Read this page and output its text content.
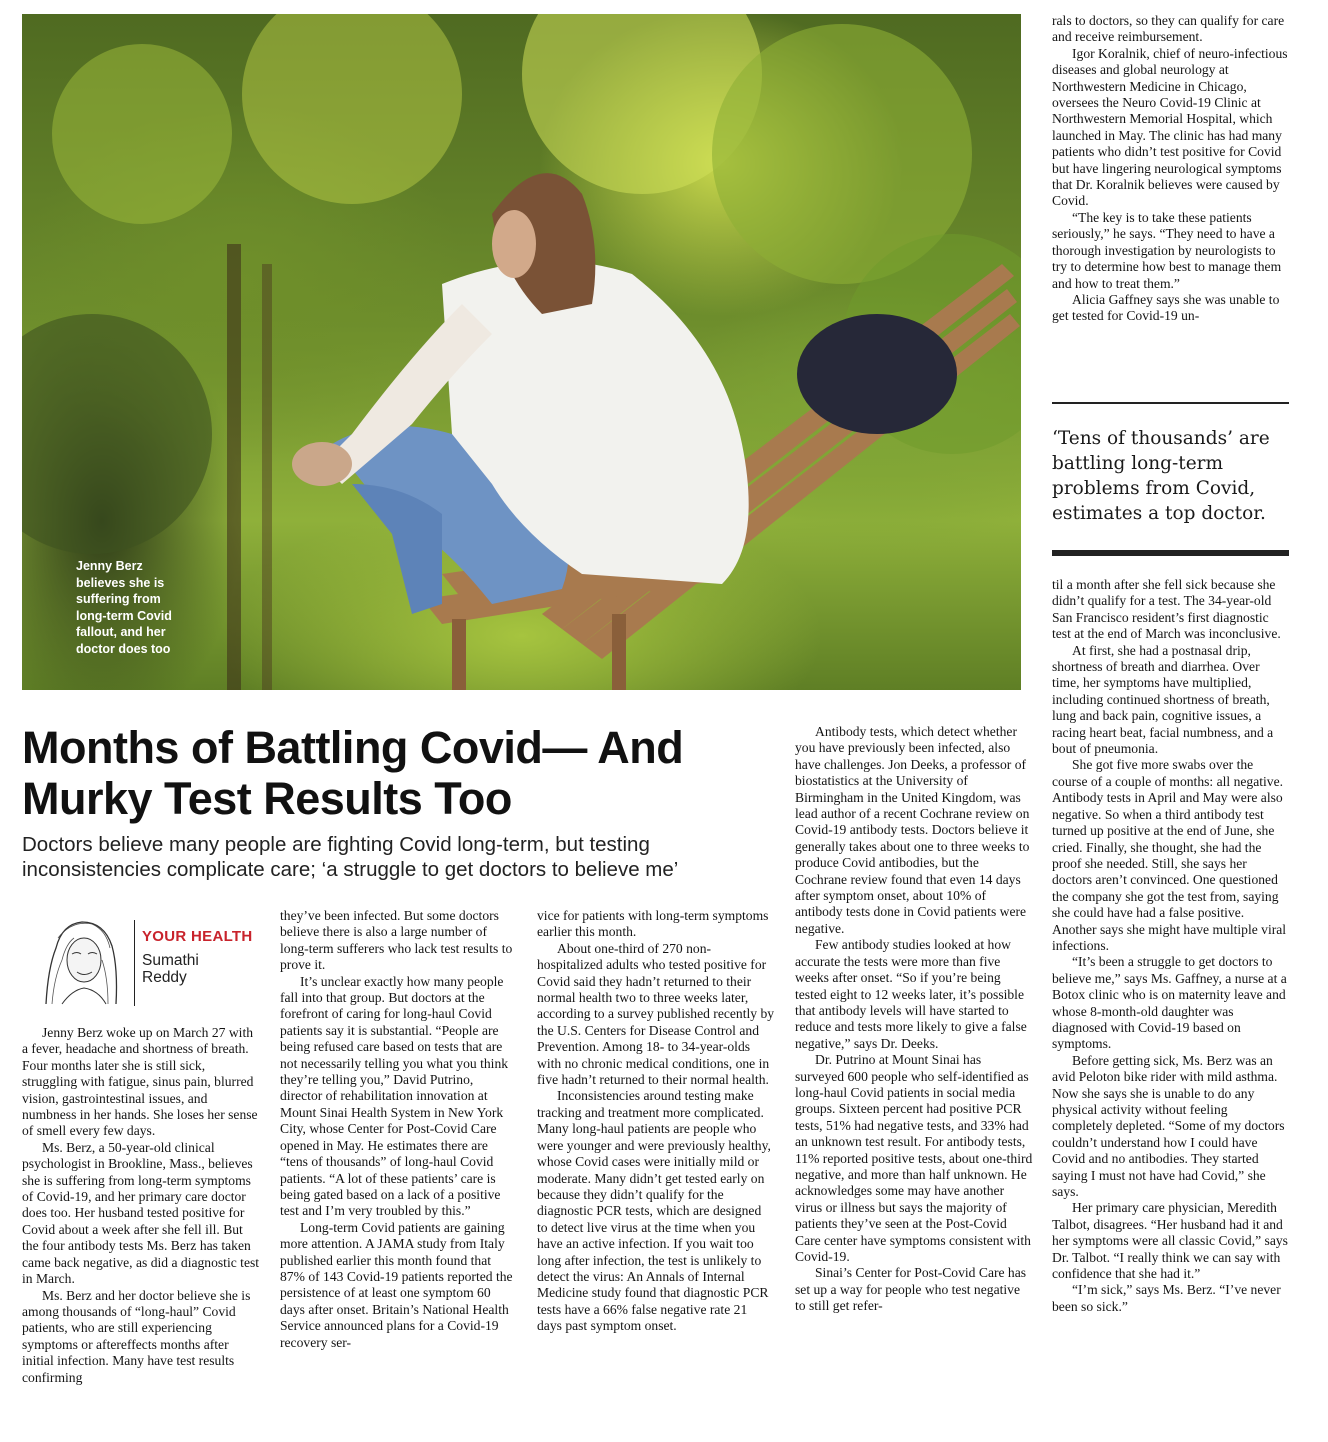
Jenny Berz
believes she is
suffering from
long-term Covid
fallout, and her
doctor does too
Months of Battling Covid— And Murky Test Results Too

Doctors believe many people are fighting Covid long-term, but testing inconsistencies complicate care; ‘a struggle to get doctors to believe me’

YOUR HEALTH
Sumathi
Reddy

Jenny Berz woke up on March 27 with a fever, headache and shortness of breath. Four months later she is still sick, struggling with fatigue, sinus pain, blurred vision, gastrointestinal issues, and numbness in her hands. She loses her sense of smell every few days.

Ms. Berz, a 50-year-old clinical psychologist in Brookline, Mass., believes she is suffering from long-term symptoms of Covid-19, and her primary care doctor does too. Her husband tested positive for Covid about a week after she fell ill. But the four antibody tests Ms. Berz has taken came back negative, as did a diagnostic test in March.

Ms. Berz and her doctor believe she is among thousands of “long-haul” Covid patients, who are still experiencing symptoms or aftereffects months after initial infection. Many have test results confirming

they’ve been infected. But some doctors believe there is also a large number of long-term sufferers who lack test results to prove it.

It’s unclear exactly how many people fall into that group. But doctors at the forefront of caring for long-haul Covid patients say it is substantial. “People are being refused care based on tests that are not necessarily telling you what you think they’re telling you,” David Putrino, director of rehabilitation innovation at Mount Sinai Health System in New York City, whose Center for Post-Covid Care opened in May. He estimates there are “tens of thousands” of long-haul Covid patients. “A lot of these patients’ care is being gated based on a lack of a positive test and I’m very troubled by this.”

Long-term Covid patients are gaining more attention. A JAMA study from Italy published earlier this month found that 87% of 143 Covid-19 patients reported the persistence of at least one symptom 60 days after onset. Britain’s National Health Service announced plans for a Covid-19 recovery ser-

vice for patients with long-term symptoms earlier this month.

About one-third of 270 non-hospitalized adults who tested positive for Covid said they hadn’t returned to their normal health two to three weeks later, according to a survey published recently by the U.S. Centers for Disease Control and Prevention. Among 18- to 34-year-olds with no chronic medical conditions, one in five hadn’t returned to their normal health.

Inconsistencies around testing make tracking and treatment more complicated. Many long-haul patients are people who were younger and were previously healthy, whose Covid cases were initially mild or moderate. Many didn’t get tested early on because they didn’t qualify for the diagnostic PCR tests, which are designed to detect live virus at the time when you have an active infection. If you wait too long after infection, the test is unlikely to detect the virus: An Annals of Internal Medicine study found that diagnostic PCR tests have a 66% false negative rate 21 days past symptom onset.

Antibody tests, which detect whether you have previously been infected, also have challenges. Jon Deeks, a professor of biostatistics at the University of Birmingham in the United Kingdom, was lead author of a recent Cochrane review on Covid-19 antibody tests. Doctors believe it generally takes about one to three weeks to produce Covid antibodies, but the Cochrane review found that even 14 days after symptom onset, about 10% of antibody tests done in Covid patients were negative.

Few antibody studies looked at how accurate the tests were more than five weeks after onset. “So if you’re being tested eight to 12 weeks later, it’s possible that antibody levels will have started to reduce and tests more likely to give a false negative,” says Dr. Deeks.

Dr. Putrino at Mount Sinai has surveyed 600 people who self-identified as long-haul Covid patients in social media groups. Sixteen percent had positive PCR tests, 51% had negative tests, and 33% had an unknown test result. For antibody tests, 11% reported positive tests, about one-third negative, and more than half unknown. He acknowledges some may have another virus or illness but says the majority of patients they’ve seen at the Post-Covid Care center have symptoms consistent with Covid-19.

Sinai’s Center for Post-Covid Care has set up a way for people who test negative to still get refer-

rals to doctors, so they can qualify for care and receive reimbursement.

Igor Koralnik, chief of neuro-infectious diseases and global neurology at Northwestern Medicine in Chicago, oversees the Neuro Covid-19 Clinic at Northwestern Memorial Hospital, which launched in May. The clinic has had many patients who didn’t test positive for Covid but have lingering neurological symptoms that Dr. Koralnik believes were caused by Covid.

“The key is to take these patients seriously,” he says. “They need to have a thorough investigation by neurologists to try to determine how best to manage them and how to treat them.”

Alicia Gaffney says she was unable to get tested for Covid-19 un-

‘Tens of thousands’ are battling long-term problems from Covid, estimates a top doctor.

til a month after she fell sick because she didn’t qualify for a test. The 34-year-old San Francisco resident’s first diagnostic test at the end of March was inconclusive.

At first, she had a postnasal drip, shortness of breath and diarrhea. Over time, her symptoms have multiplied, including continued shortness of breath, lung and back pain, cognitive issues, a racing heart beat, facial numbness, and a bout of pneumonia.

She got five more swabs over the course of a couple of months: all negative. Antibody tests in April and May were also negative. So when a third antibody test turned up positive at the end of June, she cried. Finally, she thought, she had the proof she needed. Still, she says her doctors aren’t convinced. One questioned the company she got the test from, saying she could have had a false positive. Another says she might have multiple viral infections.

“It’s been a struggle to get doctors to believe me,” says Ms. Gaffney, a nurse at a Botox clinic who is on maternity leave and whose 8-month-old daughter was diagnosed with Covid-19 based on symptoms.

Before getting sick, Ms. Berz was an avid Peloton bike rider with mild asthma. Now she says she is unable to do any physical activity without feeling completely depleted. “Some of my doctors couldn’t understand how I could have Covid and no antibodies. They started saying I must not have had Covid,” she says.

Her primary care physician, Meredith Talbot, disagrees. “Her husband had it and her symptoms were all classic Covid,” says Dr. Talbot. “I really think we can say with confidence that she had it.”

“I’m sick,” says Ms. Berz. “I’ve never been so sick.”
